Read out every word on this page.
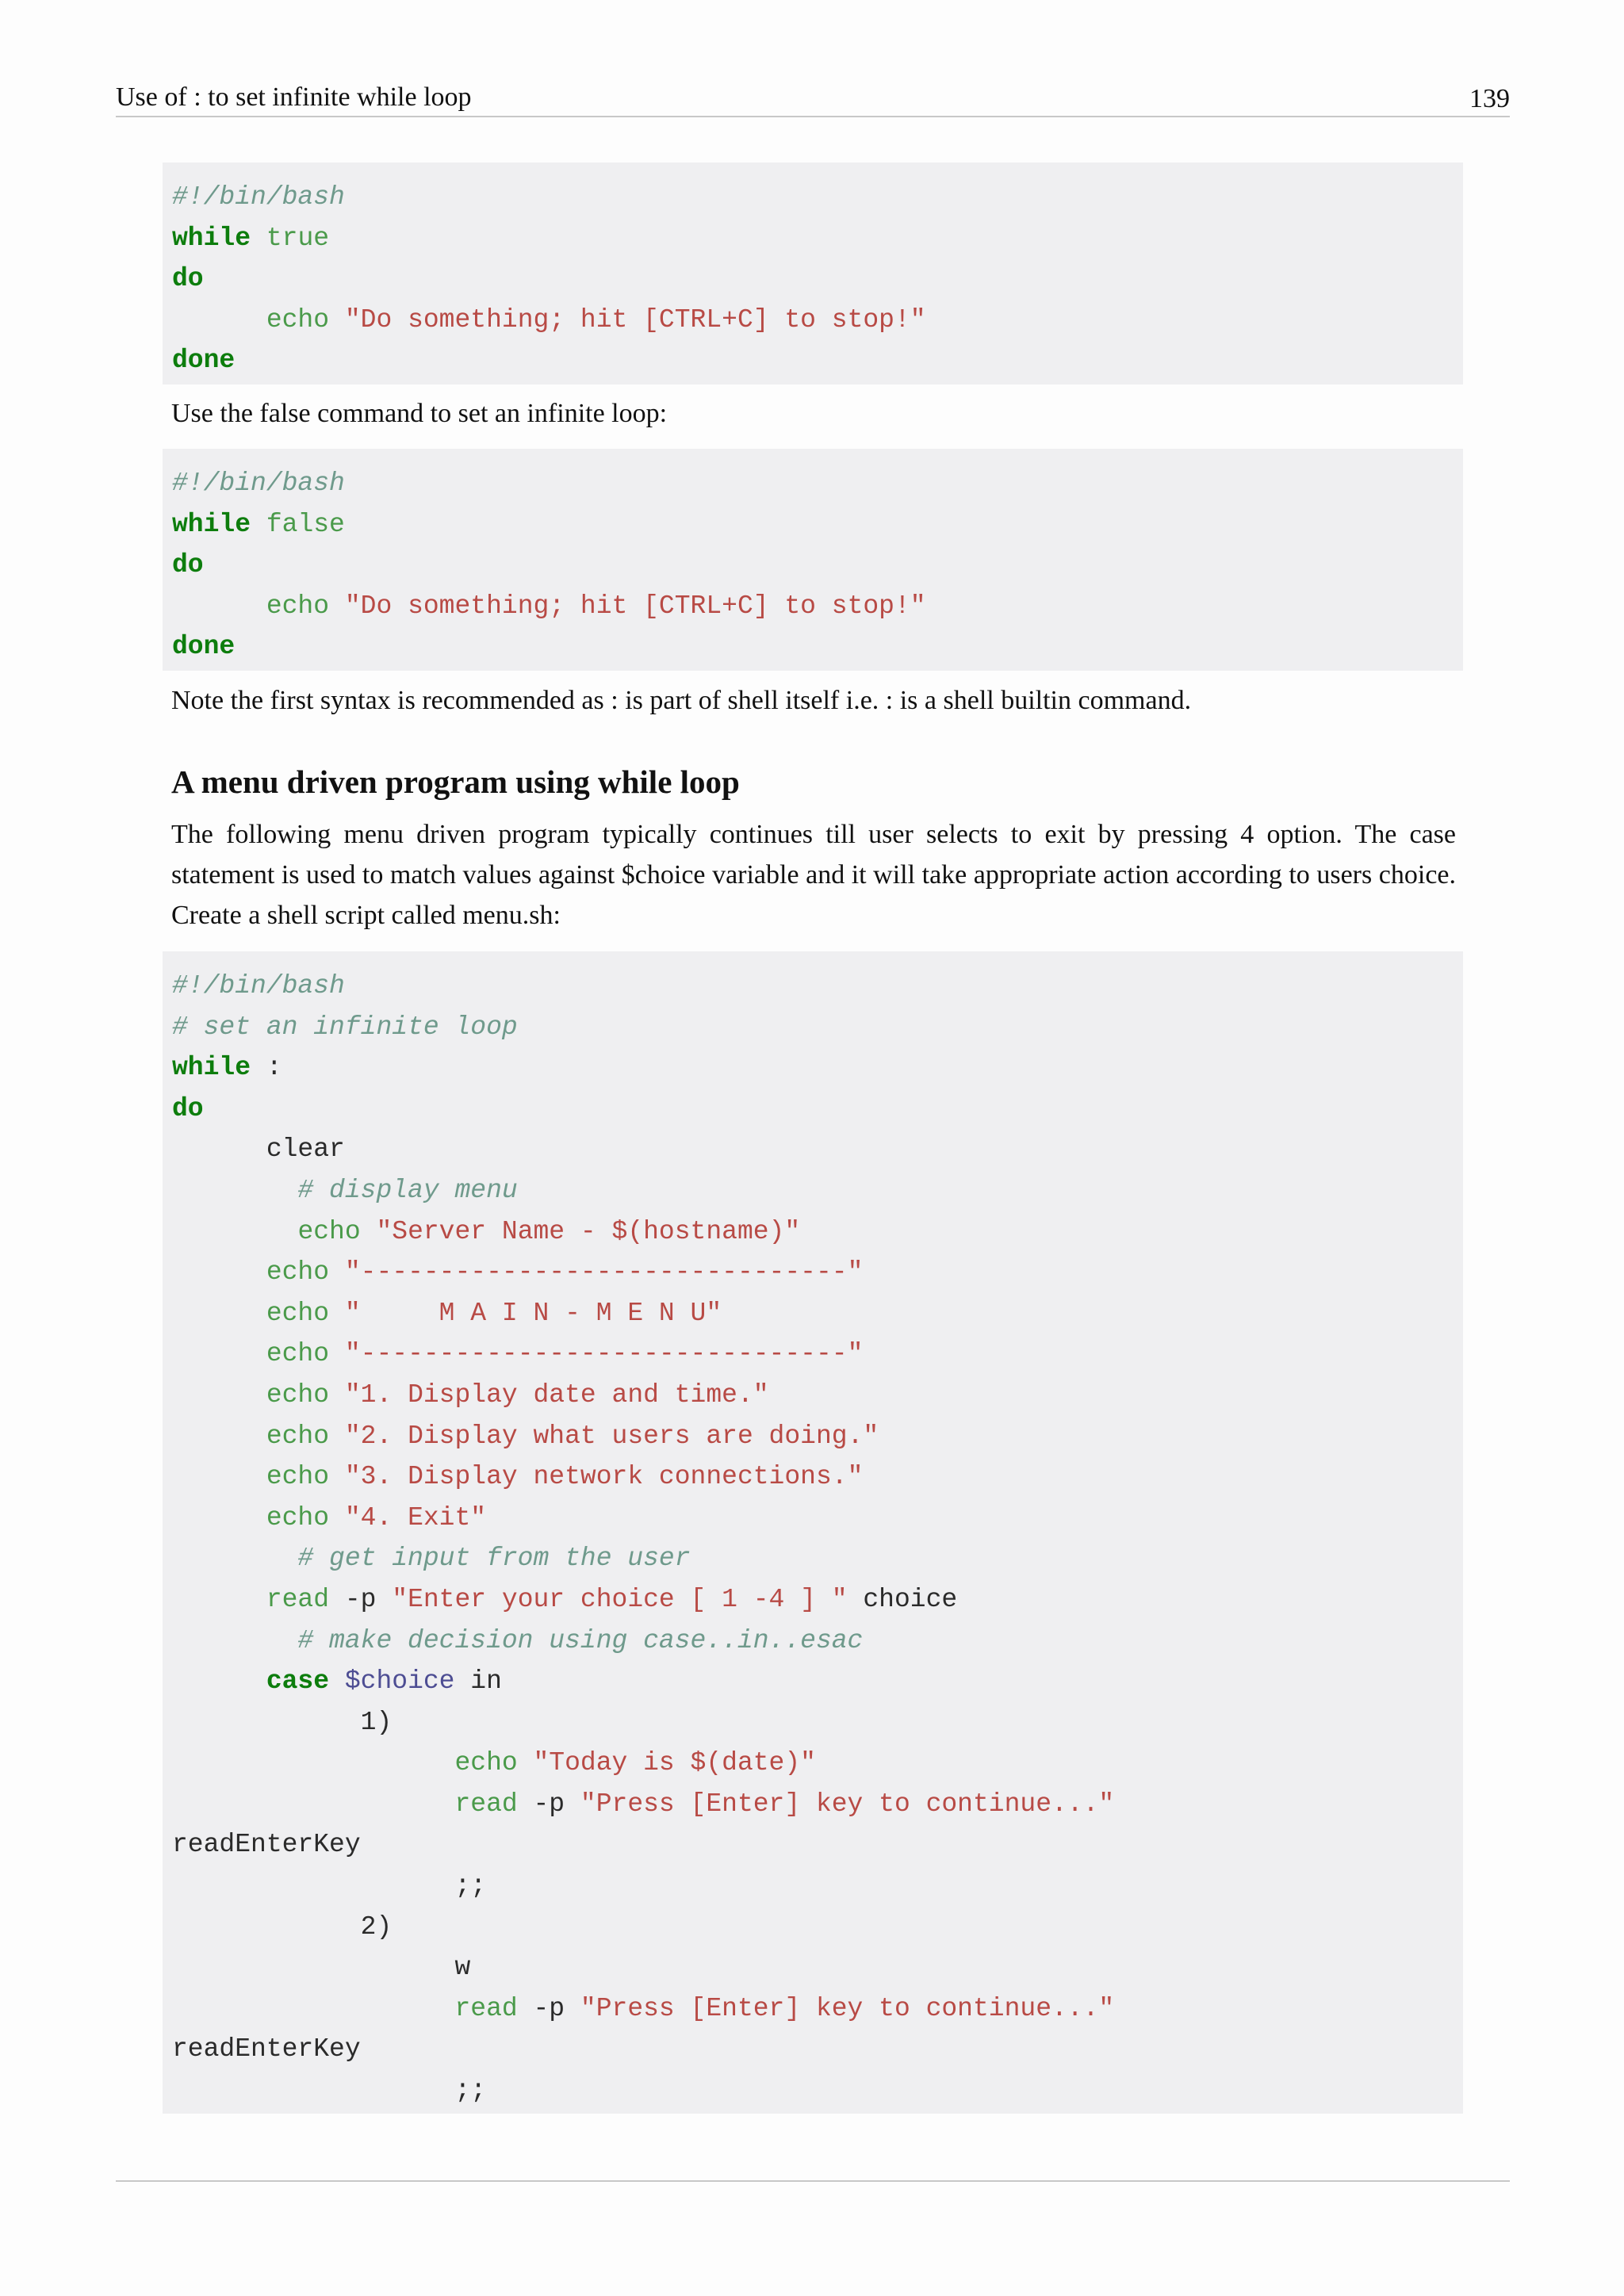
Use of : to set infinite while loop	139
#!/bin/bash
while true
do
echo "Do something; hit [CTRL+C] to stop!"
done
Use the false command to set an infinite loop:
#!/bin/bash
while false
do
echo "Do something; hit [CTRL+C] to stop!"
done
Note the first syntax is recommended as : is part of shell itself i.e. : is a shell builtin command.
A menu driven program using while loop
The following menu driven program typically continues till user selects to exit by pressing 4 option. The case statement is used to match values against $choice variable and it will take appropriate action according to users choice. Create a shell script called menu.sh:
#!/bin/bash
# set an infinite loop
while :
do
clear
# display menu
echo "Server Name - $(hostname)"
echo "-------------------------------"
echo "     M A I N - M E N U"
echo "-------------------------------"
echo "1. Display date and time."
echo "2. Display what users are doing."
echo "3. Display network connections."
echo "4. Exit"
# get input from the user
read -p "Enter your choice [ 1 -4 ] " choice
# make decision using case..in..esac
case $choice in
1)
echo "Today is $(date)"
read -p "Press [Enter] key to continue..."
readEnterKey
;;
2)
w
read -p "Press [Enter] key to continue..."
readEnterKey
;;
